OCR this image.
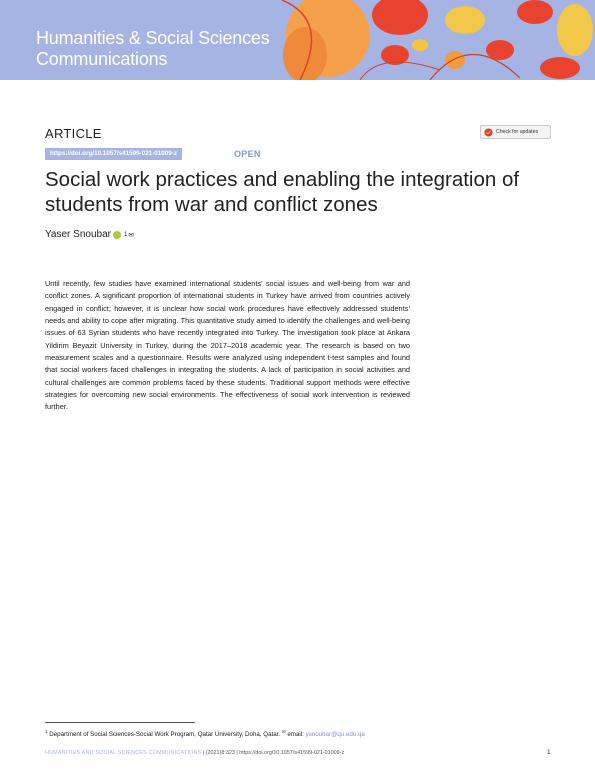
Humanities & Social Sciences
Communications
ARTICLE	Check for updates
https://doi.org/10.1057/s41599-021-01009-z	OPEN
Social work practices and enabling the integration of students from war and conflict zones
Yaser Snoubar 1 ✉

Until recently, few studies have examined international students’ social issues and well-being from war and conflict zones. A significant proportion of international students in Turkey have arrived from countries actively engaged in conflict; however, it is unclear how social work procedures have effectively addressed students’ needs and ability to cope after migrating. This quantitative study aimed to identify the challenges and well-being issues of 63 Syrian students who have recently integrated into Turkey. The investigation took place at Ankara Yildirim Beyazit University in Turkey, during the 2017–2018 academic year. The research is based on two measurement scales and a questionnaire. Results were analyzed using independent t-test samples and found that social workers faced challenges in integrating the students. A lack of participation in social activities and cultural challenges are common problems faced by these students. Traditional support methods were effective strategies for overcoming new social environments. The effectiveness of social work intervention is reviewed further.

$^1$ Department of Social Sciences-Social Work Program, Qatar University, Doha, Qatar. ✉ email: ysnoubar@qu.edu.qa
HUMANITIES AND SOCIAL SCIENCES COMMUNICATIONS | (2021)8:323 | https://doi.org/10.1057/s41599-021-01009-z	1
